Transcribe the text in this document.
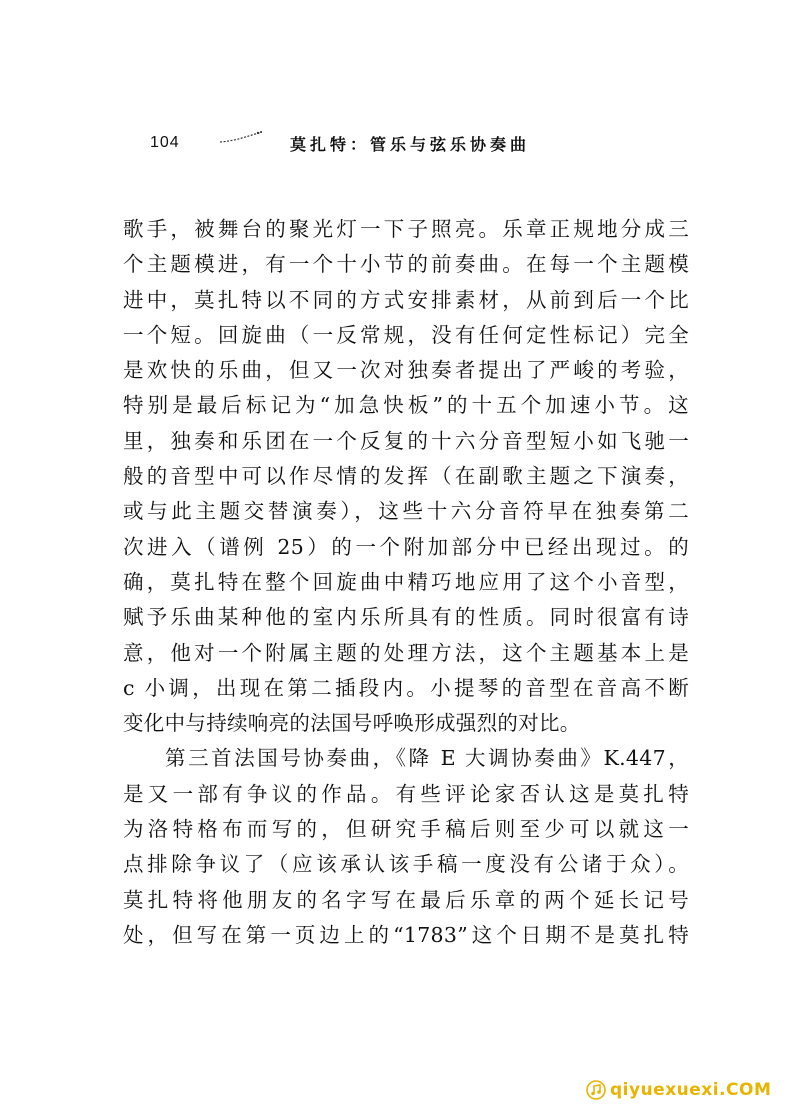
104	莫扎特：管乐与弦乐协奏曲
歌手，被舞台的聚光灯一下子照亮。乐章正规地分成三
个主题模进，有一个十小节的前奏曲。在每一个主题模
进中，莫扎特以不同的方式安排素材，从前到后一个比
一个短。回旋曲（一反常规，没有任何定性标记）完全
是欢快的乐曲，但又一次对独奏者提出了严峻的考验，
特别是最后标记为“加急快板”的十五个加速小节。这
里，独奏和乐团在一个反复的十六分音型短小如飞驰一
般的音型中可以作尽情的发挥（在副歌主题之下演奏，
或与此主题交替演奏），这些十六分音符早在独奏第二
次进入（谱例 25）的一个附加部分中已经出现过。的
确，莫扎特在整个回旋曲中精巧地应用了这个小音型，
赋予乐曲某种他的室内乐所具有的性质。同时很富有诗
意，他对一个附属主题的处理方法，这个主题基本上是
c 小调，出现在第二插段内。小提琴的音型在音高不断
变化中与持续响亮的法国号呼唤形成强烈的对比。
第三首法国号协奏曲，《降 E 大调协奏曲》K.447，
是又一部有争议的作品。有些评论家否认这是莫扎特
为洛特格布而写的，但研究手稿后则至少可以就这一
点排除争议了（应该承认该手稿一度没有公诸于众）。
莫扎特将他朋友的名字写在最后乐章的两个延长记号
处，但写在第一页边上的“1783”这个日期不是莫扎特
qiyuexuexi.COM
